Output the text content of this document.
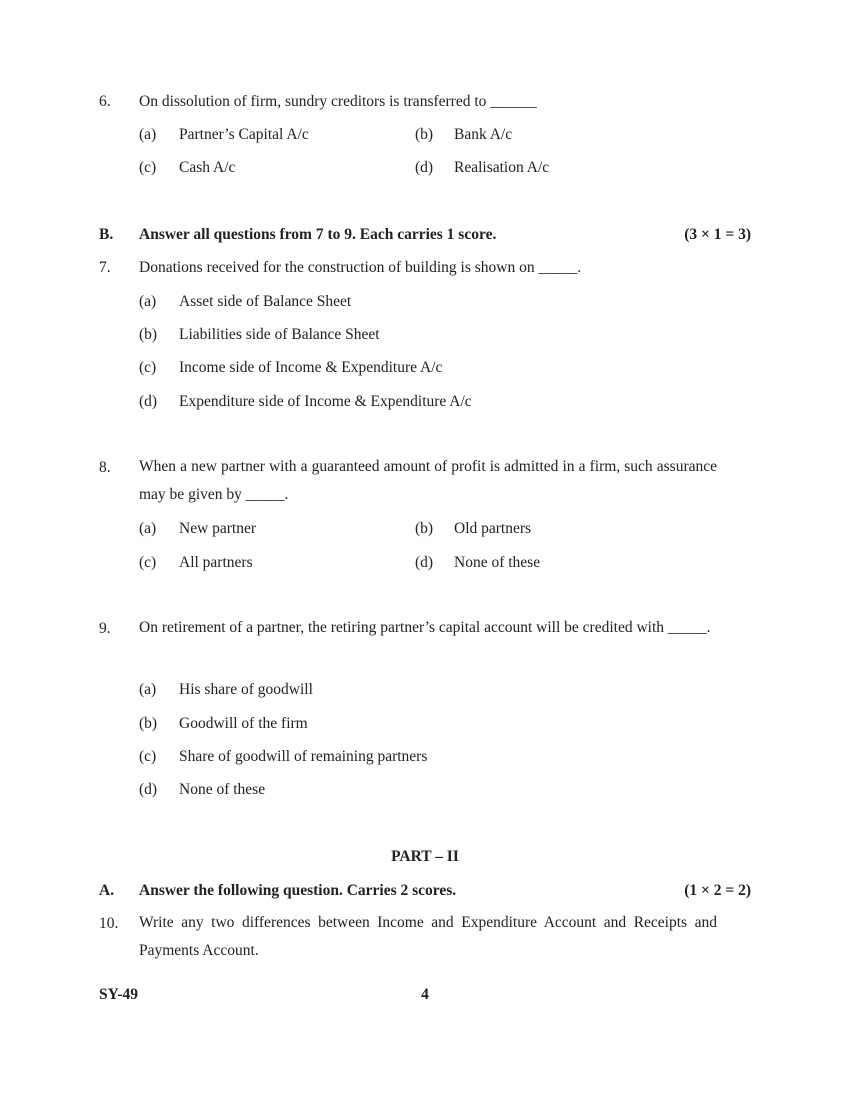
6. On dissolution of firm, sundry creditors is transferred to ______
(a) Partner’s Capital A/c	(b) Bank A/c
(c) Cash A/c	(d) Realisation A/c
B. Answer all questions from 7 to 9. Each carries 1 score.	(3 × 1 = 3)
7. Donations received for the construction of building is shown on _____.
(a) Asset side of Balance Sheet
(b) Liabilities side of Balance Sheet
(c) Income side of Income & Expenditure A/c
(d) Expenditure side of Income & Expenditure A/c
8. When a new partner with a guaranteed amount of profit is admitted in a firm, such assurance may be given by _____.
(a) New partner	(b) Old partners
(c) All partners	(d) None of these
9. On retirement of a partner, the retiring partner’s capital account will be credited with _____.
(a) His share of goodwill
(b) Goodwill of the firm
(c) Share of goodwill of remaining partners
(d) None of these
PART – II
A. Answer the following question. Carries 2 scores.	(1 × 2 = 2)
10. Write any two differences between Income and Expenditure Account and Receipts and Payments Account.
SY-49	4
